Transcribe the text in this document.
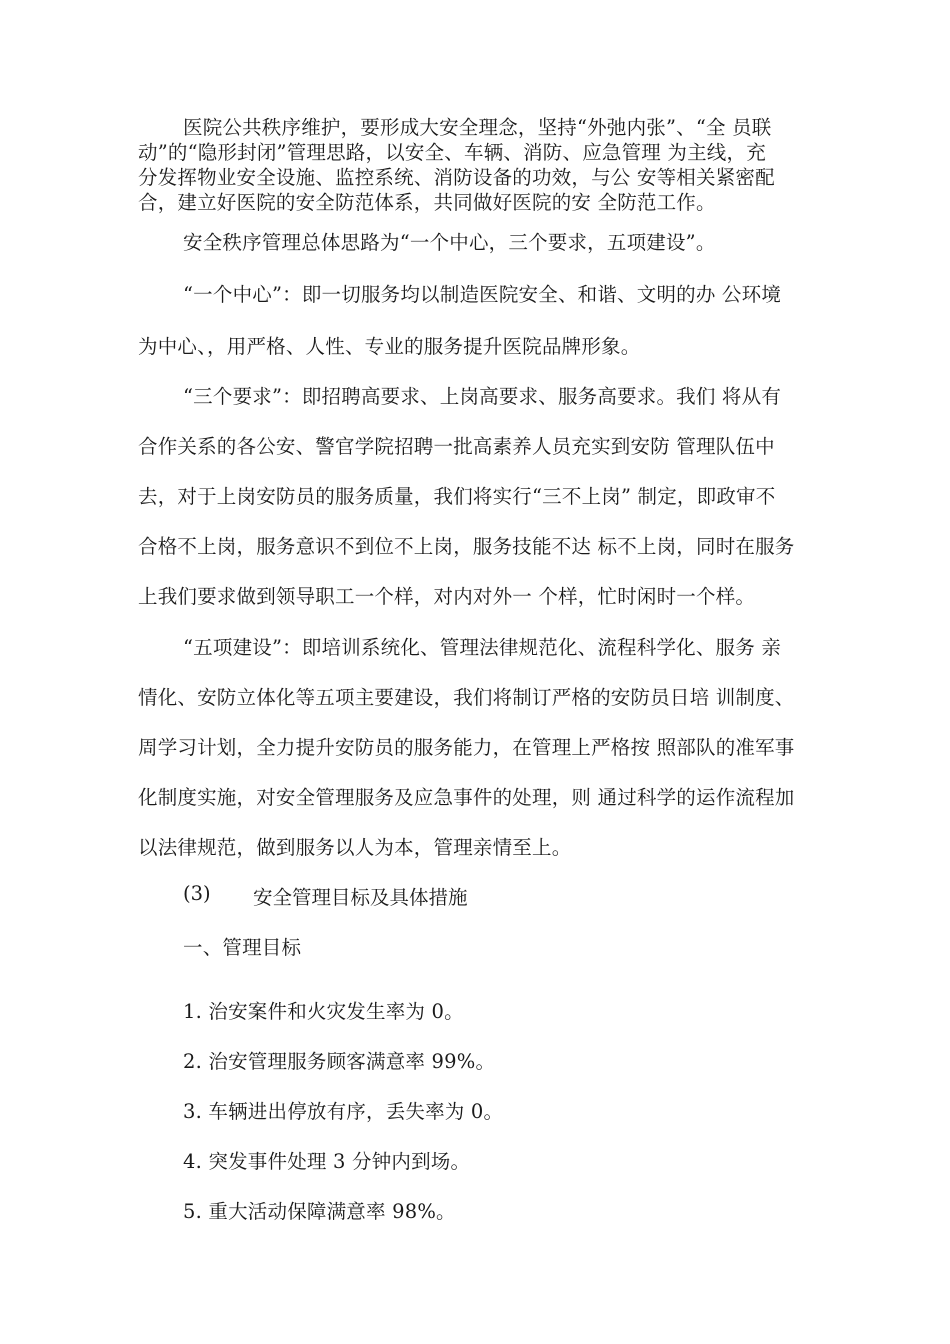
医院公共秩序维护，要形成大安全理念，坚持“外弛内张”、“全 员联
动”的“隐形封闭”管理思路，以安全、车辆、消防、应急管理 为主线，充
分发挥物业安全设施、监控系统、消防设备的功效，与公 安等相关紧密配
合，建立好医院的安全防范体系，共同做好医院的安 全防范工作。
安全秩序管理总体思路为“一个中心，三个要求，五项建设”。
“一个中心”：即一切服务均以制造医院安全、和谐、文明的办 公环境
为中心、，用严格、人性、专业的服务提升医院品牌形象。
“三个要求”：即招聘高要求、上岗高要求、服务高要求。我们 将从有
合作关系的各公安、警官学院招聘一批高素养人员充实到安防 管理队伍中
去，对于上岗安防员的服务质量，我们将实行“三不上岗” 制定，即政审不
合格不上岗，服务意识不到位不上岗，服务技能不达 标不上岗，同时在服务
上我们要求做到领导职工一个样，对内对外一 个样，忙时闲时一个样。
“五项建设”：即培训系统化、管理法律规范化、流程科学化、服务 亲
情化、安防立体化等五项主要建设，我们将制订严格的安防员日培 训制度、
周学习计划，全力提升安防员的服务能力，在管理上严格按 照部队的准军事
化制度实施，对安全管理服务及应急事件的处理，则 通过科学的运作流程加
以法律规范，做到服务以人为本，管理亲情至上。
(3) 安全管理目标及具体措施
一、管理目标
1. 治安案件和火灾发生率为 0。
2. 治安管理服务顾客满意率 99%。
3. 车辆进出停放有序，丢失率为 0。
4. 突发事件处理 3 分钟内到场。
5. 重大活动保障满意率 98%。
